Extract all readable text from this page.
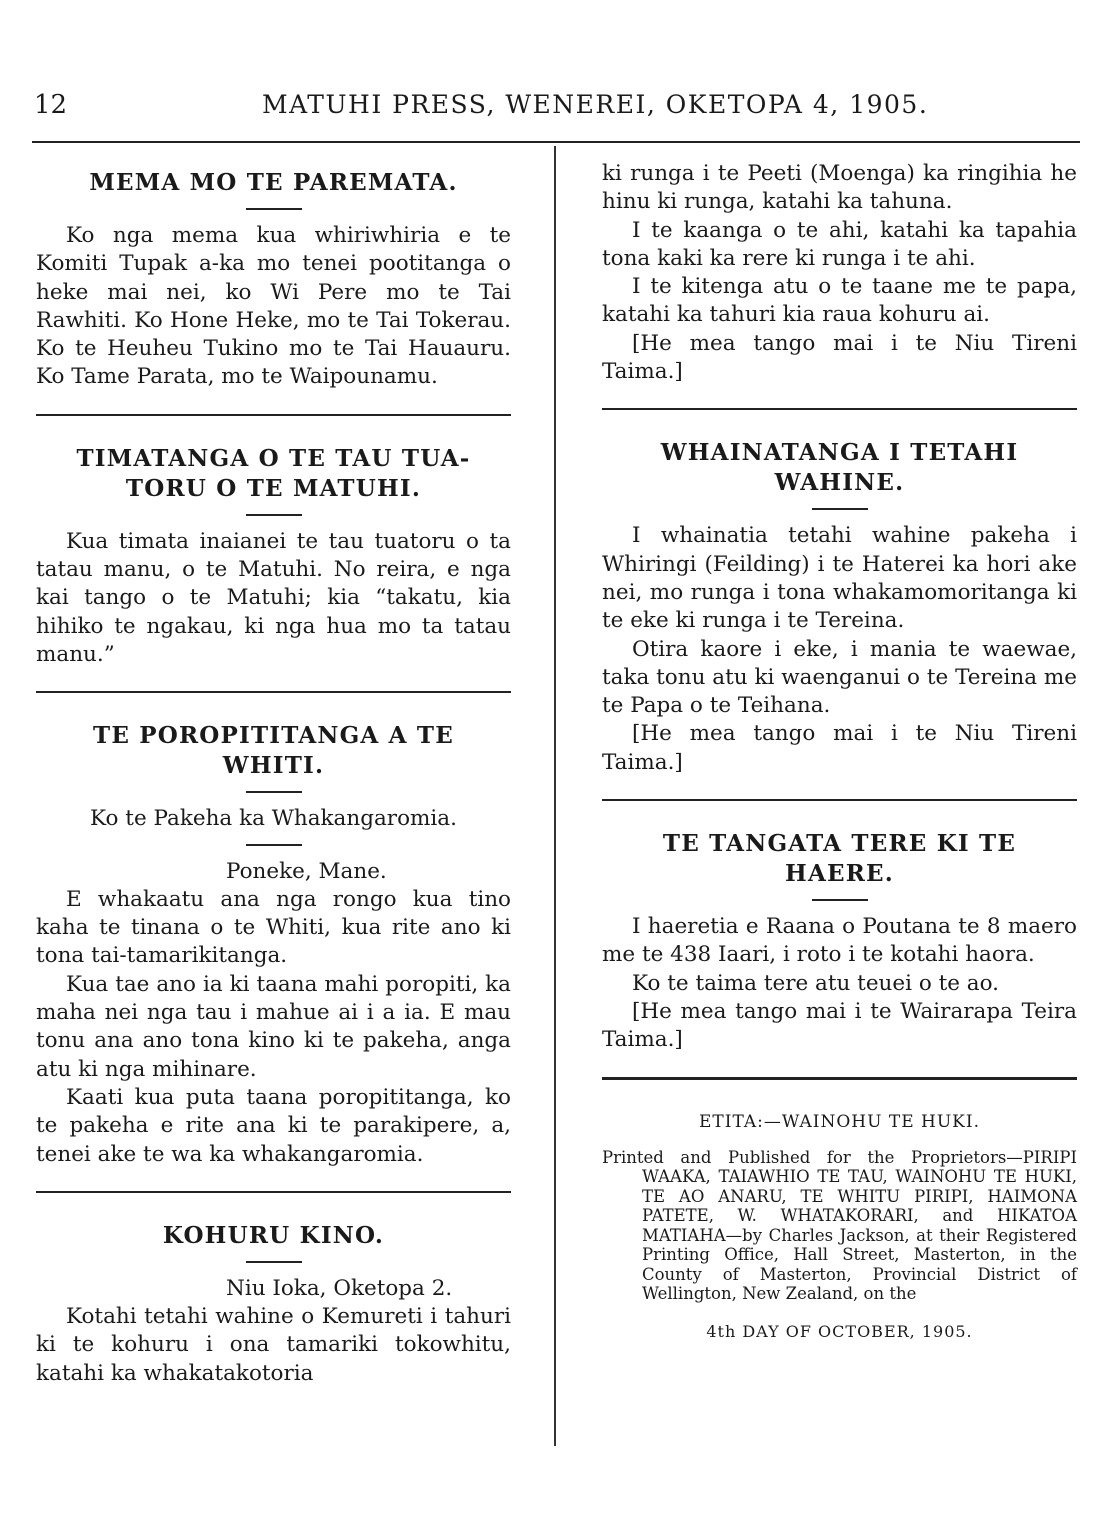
12	MATUHI PRESS, WENEREI, OKETOPA 4, 1905.
MEMA MO TE PAREMATA.

Ko nga mema kua whiriwhiria e te Komiti Tupak a-ka mo tenei pootitanga o heke mai nei, ko Wi Pere mo te Tai Rawhiti. Ko Hone Heke, mo te Tai Tokerau. Ko te Heuheu Tukino mo te Tai Hauauru. Ko Tame Parata, mo te Waipounamu.

TIMATANGA O TE TAU TUA-
TORU O TE MATUHI.

Kua timata inaianei te tau tuatoru o ta tatau manu, o te Matuhi. No reira, e nga kai tango o te Matuhi; kia “takatu, kia hihiko te ngakau, ki nga hua mo ta tatau manu.”

TE POROPITITANGA A TE
WHITI.

Ko te Pakeha ka Whakangaromia.

Poneke, Mane.

E whakaatu ana nga rongo kua tino kaha te tinana o te Whiti, kua rite ano ki tona tai-tamarikitanga.

Kua tae ano ia ki taana mahi poropiti, ka maha nei nga tau i mahue ai i a ia. E mau tonu ana ano tona kino ki te pakeha, anga atu ki nga mihinare.

Kaati kua puta taana poropititanga, ko te pakeha e rite ana ki te parakipere, a, tenei ake te wa ka whakangaromia.

KOHURU KINO.

Niu Ioka, Oketopa 2.

Kotahi tetahi wahine o Kemureti i tahuri ki te kohuru i ona tamariki tokowhitu, katahi ka whakatakotoria

ki runga i te Peeti (Moenga) ka ringihia he hinu ki runga, katahi ka tahuna.

I te kaanga o te ahi, katahi ka tapahia tona kaki ka rere ki runga i te ahi.

I te kitenga atu o te taane me te papa, katahi ka tahuri kia raua kohuru ai.

[He mea tango mai i te Niu Tireni Taima.]

WHAINATANGA I TETAHI
WAHINE.

I whainatia tetahi wahine pakeha i Whiringi (Feilding) i te Haterei ka hori ake nei, mo runga i tona whakamomoritanga ki te eke ki runga i te Tereina.

Otira kaore i eke, i mania te waewae, taka tonu atu ki waenganui o te Tereina me te Papa o te Teihana.

[He mea tango mai i te Niu Tireni Taima.]

TE TANGATA TERE KI TE
HAERE.

I haeretia e Raana o Poutana te 8 maero me te 438 Iaari, i roto i te kotahi haora.

Ko te taima tere atu teuei o te ao.

[He mea tango mai i te Wairarapa Teira Taima.]

ETITA:—WAINOHU TE HUKI.
Printed and Published for the Proprietors—PIRIPI WAAKA, TAIAWHIO TE TAU, WAINOHU TE HUKI, TE AO ANARU, TE WHITU PIRIPI, HAIMONA PATETE, W. WHATAKORARI, and HIKATOA MATIAHA—by Charles Jackson, at their Registered Printing Office, Hall Street, Masterton, in the County of Masterton, Provincial District of Wellington, New Zealand, on the
4th DAY OF OCTOBER, 1905.
